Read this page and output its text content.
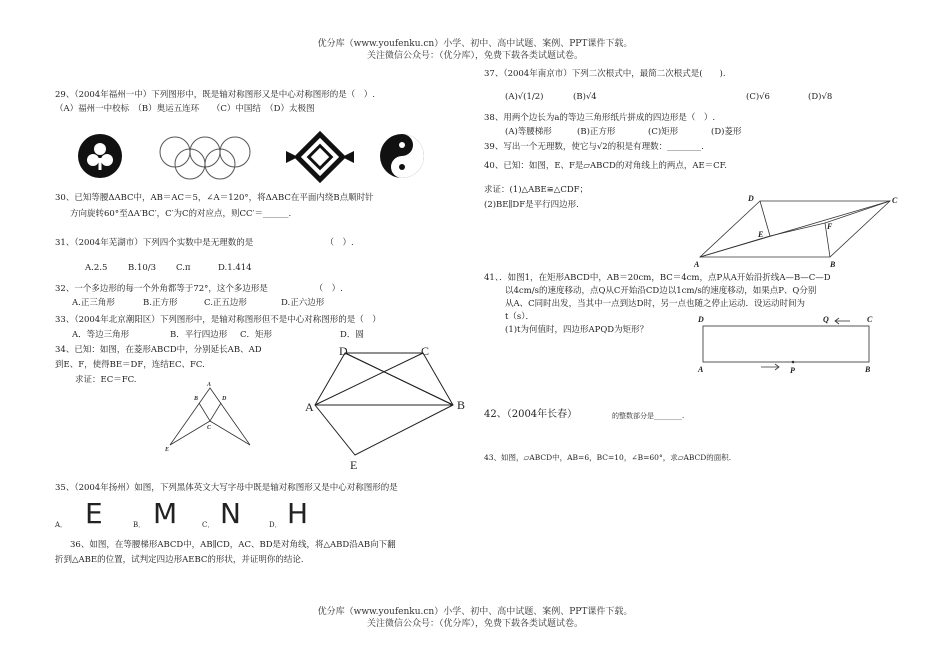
优分库（www.youfenku.cn）小学、初中、高中试题、案例、PPT课件下载。
关注微信公众号：（优分库），免费下载各类试题试卷。
29、（2004年福州一中）下列图形中，既是轴对称图形又是中心对称图形的是（　）.
（A）福州一中校标　（B）奥运五连环　　（C）中国结　（D）太极图
30、已知等腰ΔABC中，AB＝AC＝5，∠A＝120°，将ΔABC在平面内绕B点顺时针
方向旋转60°至ΔA′BC′，C′为C的对应点，则CC′＝______.
31、（2004年芜湖市）下列四个实数中是无理数的是　　　　　　　　　（　）.
A.2.5 B.10/3 C.π	D.1.414
32、一个多边形的每一个外角都等于72°，这个多边形是　　　　　　（　）.
A.正三角形	B.正方形	C.正五边形	D.正六边形
33、（2004年北京潮阳区）下列图形中，是轴对称图形但不是中心对称图形的是（　）
A．等边三角形	B．平行四边形 C．矩形	D．圆
34、已知：如图，在菱形ABCD中，分别延长AB、AD
到E、F，使得BE＝DF，连结EC、FC.
求证：EC＝FC.	A
B	D
C
E
D	C
A	B
E
35、（2004年扬州）如图，下列黑体英文大写字母中既是轴对称图形又是中心对称图形的是
A． E	B． M	C． N	D． H
36、如图，在等腰梯形ABCD中，AB∥CD，AC、BD是对角线，将△ABD沿AB向下翻
折到△ABE的位置，试判定四边形AEBC的形状，并证明你的结论.
37、（2004年南京市）下列二次根式中，最简二次根式是(　　).
(A)√(1/2)	(B)√4	(C)√6	(D)√8
38、用两个边长为a的等边三角形纸片拼成的四边形是（　）.
(A)等腰梯形	(B)正方形	(C)矩形	(D)菱形
39、写出一个无理数，使它与√2的积是有理数：________.
40、已知：如图，E、F是▱ABCD的对角线上的两点，AE＝CF.
求证：(1)△ABE≌△CDF；
(2)BE∥DF是平行四边形.
D	C
A	B
E
F
41、．如图1，在矩形ABCD中，AB＝20cm，BC＝4cm，点P从A开始沿折线A—B—C—D
以4cm/s的速度移动，点Q从C开始沿CD边以1cm/s的速度移动，如果点P、Q分别
从A、C同时出发，当其中一点到达D时，另一点也随之停止运动．设运动时间为
t（s）．
(1)t为何值时，四边形APQD为矩形？
D	C
A	B
P
Q
42、（2004年长春）	的整数部分是________.
43、如图，▱ABCD中，AB=6，BC=10，∠B=60°，求▱ABCD的面积.
优分库（www.youfenku.cn）小学、初中、高中试题、案例、PPT课件下载。
关注微信公众号：（优分库），免费下载各类试题试卷。
